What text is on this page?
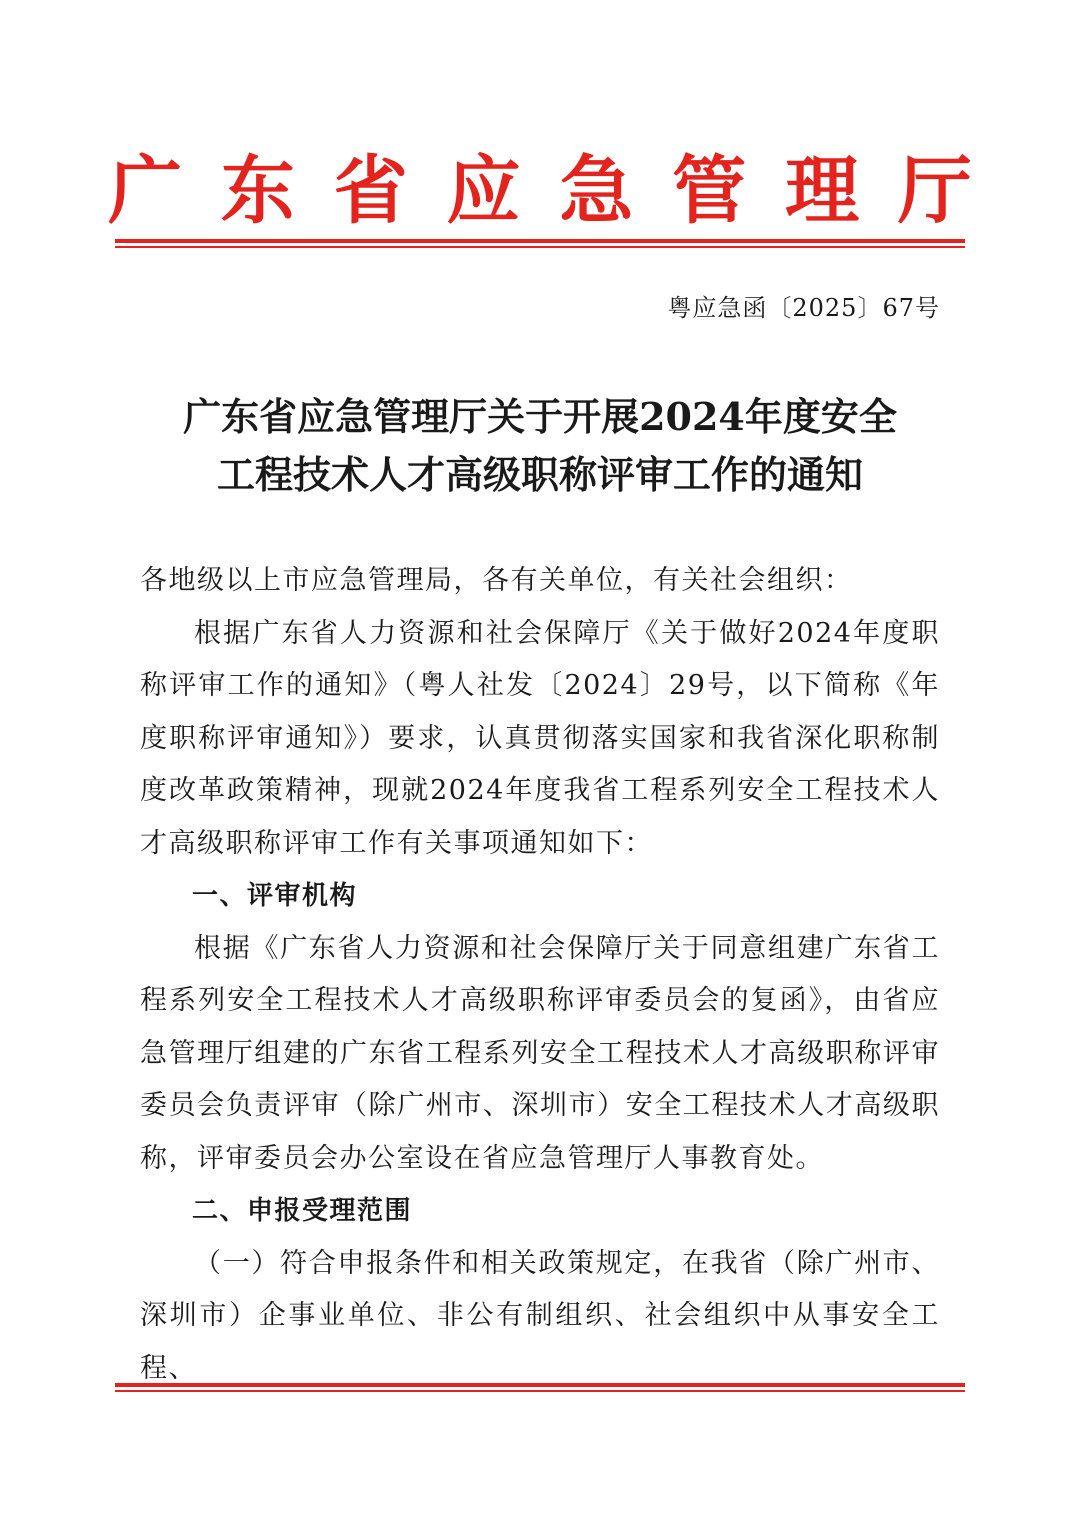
广 东 省 应 急 管 理 厅
粤应急函〔2025〕67号
广东省应急管理厅关于开展2024年度安全
工程技术人才高级职称评审工作的通知

各地级以上市应急管理局，各有关单位，有关社会组织：

根据广东省人力资源和社会保障厅《关于做好2024年度职称评审工作的通知》（粤人社发〔2024〕29号，以下简称《年度职称评审通知》）要求，认真贯彻落实国家和我省深化职称制度改革政策精神，现就2024年度我省工程系列安全工程技术人才高级职称评审工作有关事项通知如下：

一、评审机构

根据《广东省人力资源和社会保障厅关于同意组建广东省工程系列安全工程技术人才高级职称评审委员会的复函》，由省应急管理厅组建的广东省工程系列安全工程技术人才高级职称评审委员会负责评审（除广州市、深圳市）安全工程技术人才高级职称，评审委员会办公室设在省应急管理厅人事教育处。

二、申报受理范围

（一）符合申报条件和相关政策规定，在我省（除广州市、深圳市）企事业单位、非公有制组织、社会组织中从事安全工程、
